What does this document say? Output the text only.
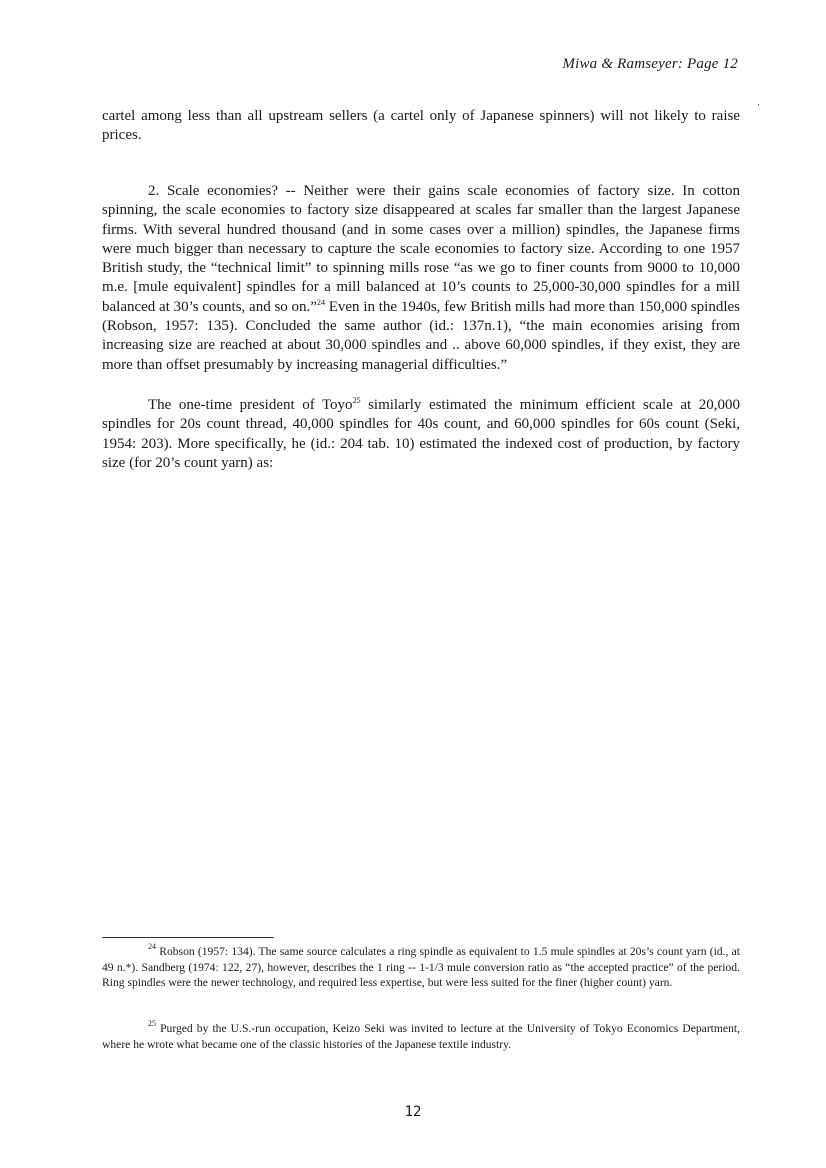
Miwa & Ramseyer: Page 12

cartel among less than all upstream sellers (a cartel only of Japanese spinners) will not likely to raise prices.

2. Scale economies? -- Neither were their gains scale economies of factory size. In cotton spinning, the scale economies to factory size disappeared at scales far smaller than the largest Japanese firms. With several hundred thousand (and in some cases over a million) spindles, the Japanese firms were much bigger than necessary to capture the scale economies to factory size. According to one 1957 British study, the “technical limit” to spinning mills rose “as we go to finer counts from 9000 to 10,000 m.e. [mule equivalent] spindles for a mill balanced at 10’s counts to 25,000-30,000 spindles for a mill balanced at 30’s counts, and so on.”$^{24}$ Even in the 1940s, few British mills had more than 150,000 spindles (Robson, 1957: 135). Concluded the same author (id.: 137n.1), “the main economies arising from increasing size are reached at about 30,000 spindles and .. above 60,000 spindles, if they exist, they are more than offset presumably by increasing managerial difficulties.”

The one-time president of Toyo$^{25}$ similarly estimated the minimum efficient scale at 20,000 spindles for 20s count thread, 40,000 spindles for 40s count, and 60,000 spindles for 60s count (Seki, 1954: 203). More specifically, he (id.: 204 tab. 10) estimated the indexed cost of production, by factory size (for 20’s count yarn) as:

$^{24}$ Robson (1957: 134). The same source calculates a ring spindle as equivalent to 1.5 mule spindles at 20s’s count yarn (id., at 49 n.*). Sandberg (1974: 122, 27), however, describes the 1 ring -- 1-1/3 mule conversion ratio as “the accepted practice” of the period. Ring spindles were the newer technology, and required less expertise, but were less suited for the finer (higher count) yarn.

$^{25}$ Purged by the U.S.-run occupation, Keizo Seki was invited to lecture at the University of Tokyo Economics Department, where he wrote what became one of the classic histories of the Japanese textile industry.

12
